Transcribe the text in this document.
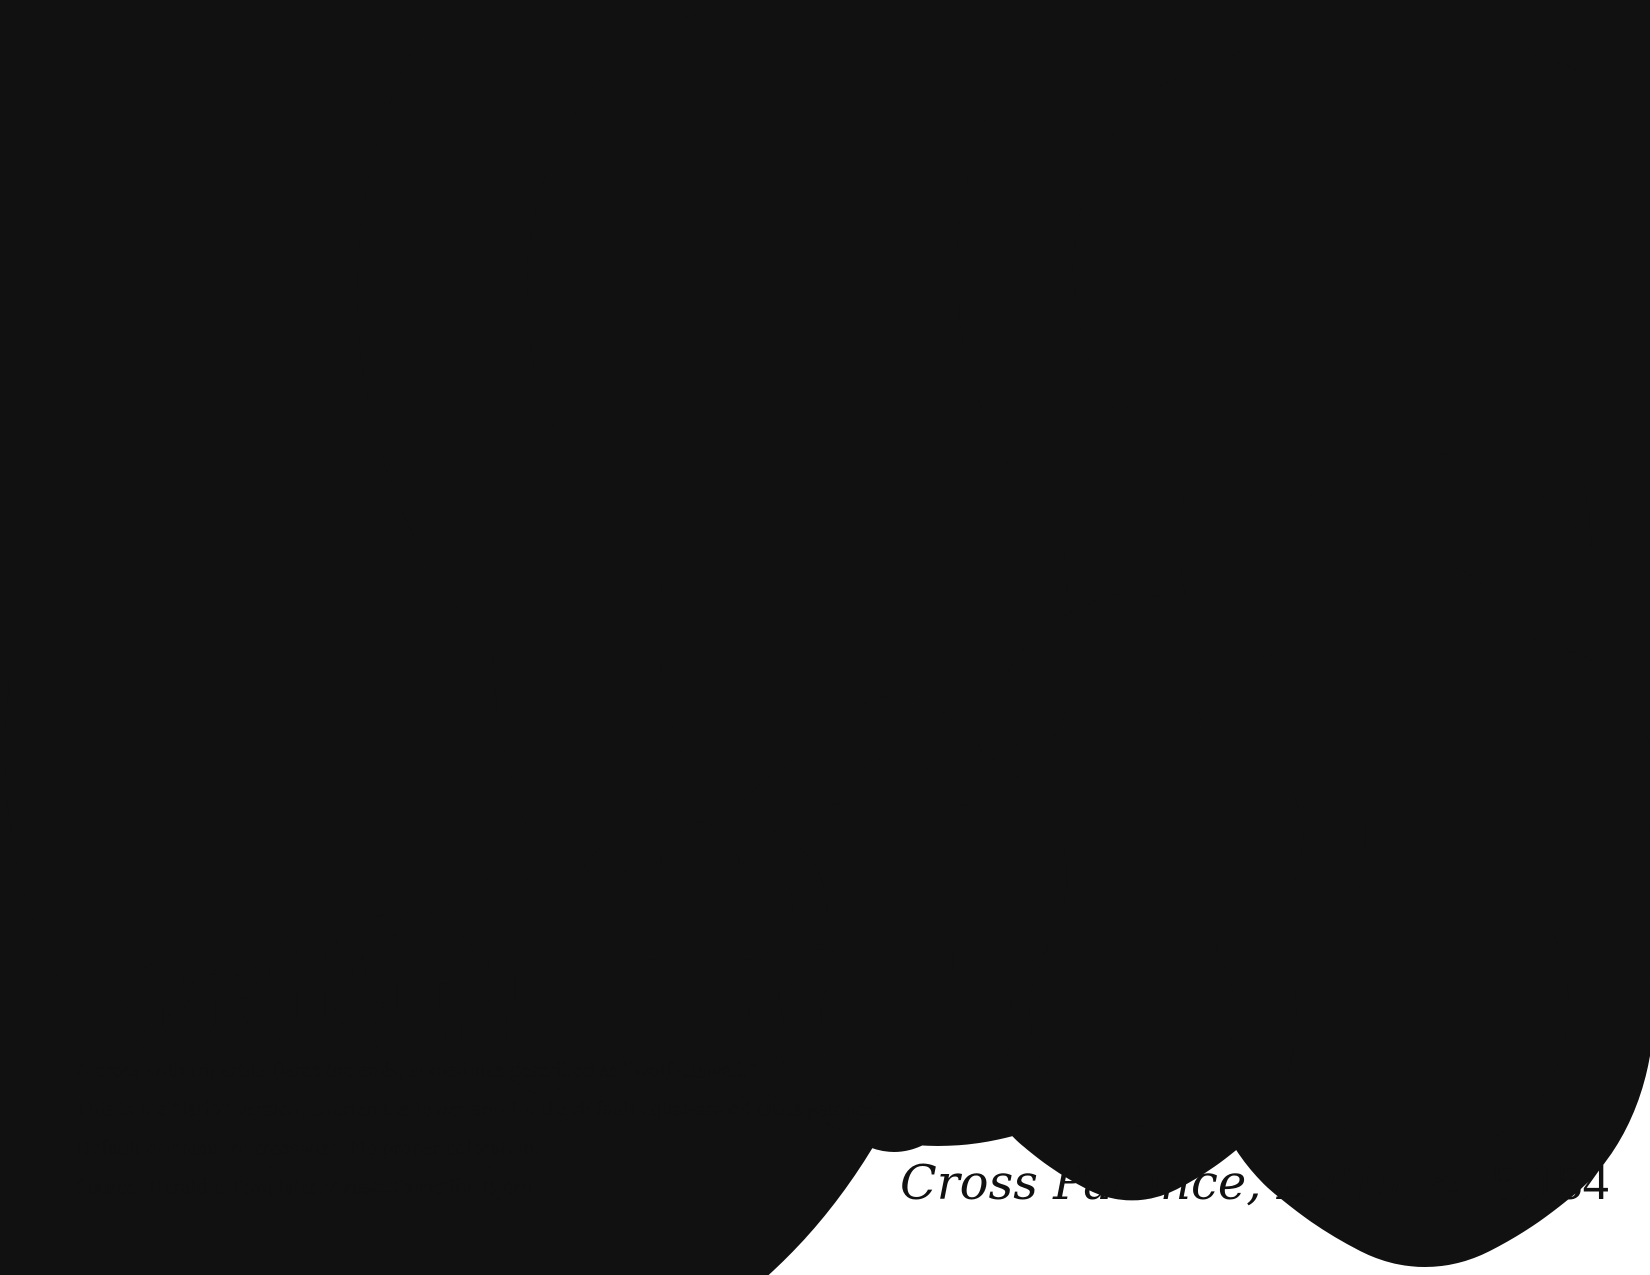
A cross with tripartite flares the ends, sometimes described as “wolf-clawed.”

This is the “latin” version; shorten the lower arm for the default equal-armed cross patonce.

Default orientation: crosswise. No proper coloration.

Source: Heraldic Templates. Artist: Torric inn Björn.	Cross Patonce, Latin ❧ 5.154
